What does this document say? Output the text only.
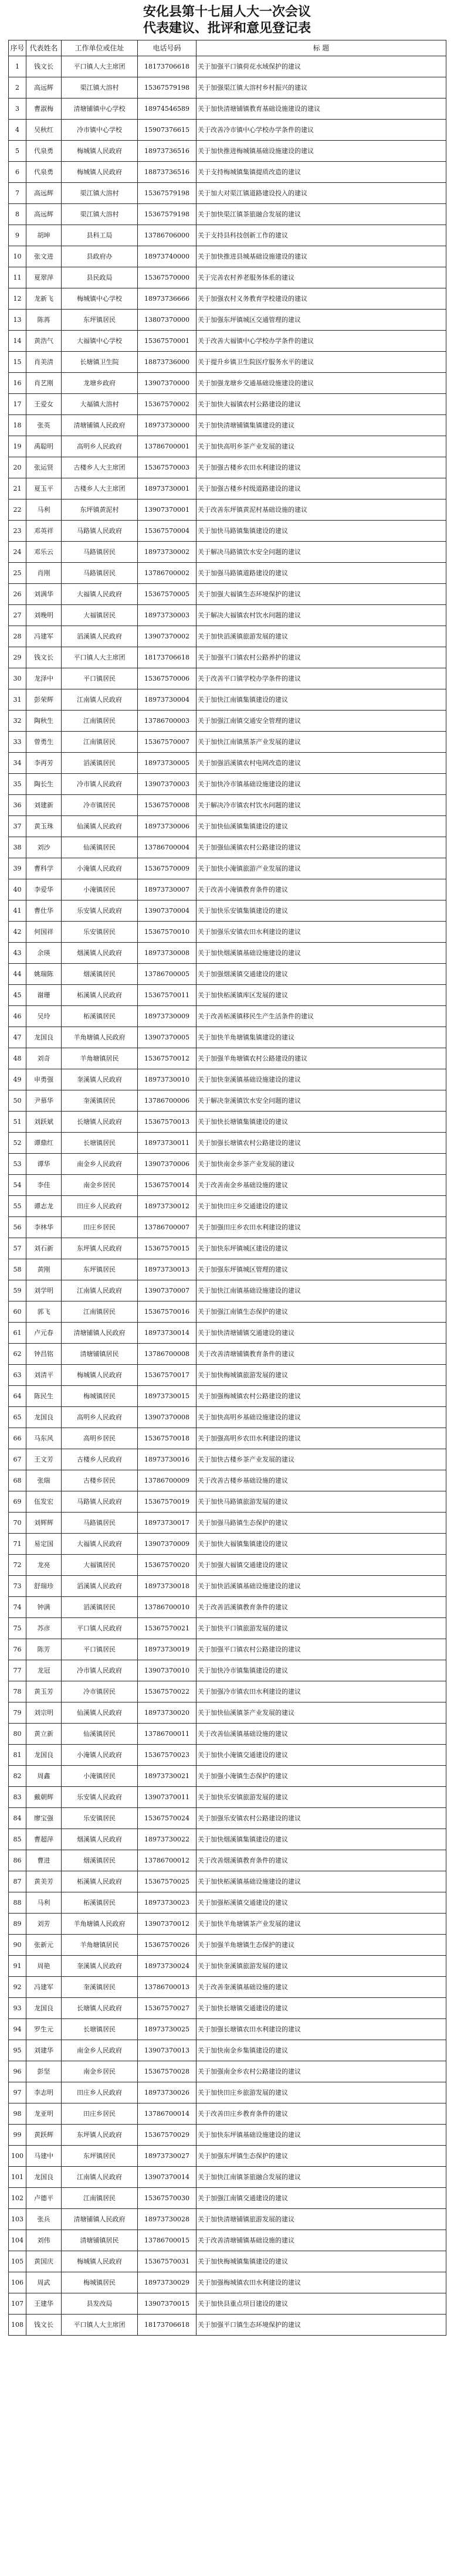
安化县第十七届人大一次会议
代表建议、批评和意见登记表
序号	代表姓名	工作单位或住址	电话号码	标 题
1	钱文长	平口镇人大主席团	18173706618	关于加强平口镇荷花水域保护的建议
2	高远辉	渠江镇大溶村	15367579198	关于加强渠江镇大溶村乡村振兴的建议
3	曹淑梅	清塘铺镇中心学校	18974546589	关于加快清塘铺镇教育基础设施建设的建议
4	吴秋红	冷市镇中心学校	15907376615	关于改善冷市镇中心学校办学条件的建议
5	代泉勇	梅城镇人民政府	18973736516	关于加快推进梅城镇基础设施建设的建议
6	代泉勇	梅城镇人民政府	18873736516	关于支持梅城镇集镇提质改造的建议
7	高远辉	渠江镇大溶村	15367579198	关于加大对渠江镇道路建设投入的建议
8	高远辉	渠江镇大溶村	15367579198	关于加快渠江镇茶旅融合发展的建议
9	胡坤	县科工局	13786706000	关于支持县科技创新工作的建议
10	张文进	县政府办	18973740000	关于加快推进县城基础设施建设的建议
11	夏翠萍	县民政局	15367570000	关于完善农村养老服务体系的建议
12	龙新飞	梅城镇中心学校	18973736666	关于加强农村义务教育学校建设的建议
13	陈苒	东坪镇居民	13807370000	关于加强东坪镇城区交通管理的建议
14	黄浩气	大福镇中心学校	15367570001	关于改善大福镇中心学校办学条件的建议
15	肖美清	长塘镇卫生院	18873736000	关于提升乡镇卫生院医疗服务水平的建议
16	肖艺刚	龙塘乡政府	13907370000	关于加强龙塘乡交通基础设施建设的建议
17	王爱女	大福镇大溶村	15367570002	关于加快大福镇农村公路建设的建议
18	张英	清塘铺镇人民政府	18973730000	关于加快清塘铺镇集镇建设的建议
19	禹聪明	高明乡人民政府	13786700001	关于加快高明乡茶产业发展的建议
20	张运贤	古楼乡人大主席团	15367570003	关于加强古楼乡农田水利建设的建议
21	夏玉平	古楼乡人大主席团	18973730001	关于加强古楼乡村级道路建设的建议
22	马利	东坪镇黄泥村	13907370001	关于改善东坪镇黄泥村基础设施的建议
23	邓英祥	马路镇人民政府	15367570004	关于加快马路镇集镇建设的建议
24	邓乐云	马路镇居民	18973730002	关于解决马路镇饮水安全问题的建议
25	肖刚	马路镇居民	13786700002	关于加强马路镇道路建设的建议
26	刘满华	大福镇人民政府	15367570005	关于加强大福镇生态环境保护的建议
27	刘晚明	大福镇居民	18973730003	关于解决大福镇农村饮水问题的建议
28	冯建军	滔溪镇人民政府	13907370002	关于加快滔溪镇旅游发展的建议
29	钱文长	平口镇人大主席团	18173706618	关于加强平口镇农村公路养护的建议
30	龙泽中	平口镇居民	15367570006	关于改善平口镇学校办学条件的建议
31	彭荣辉	江南镇人民政府	18973730004	关于加快江南镇集镇建设的建议
32	陶秋生	江南镇居民	13786700003	关于加强江南镇交通安全管理的建议
33	曾勇生	江南镇居民	15367570007	关于加快江南镇黑茶产业发展的建议
34	李再芳	滔溪镇居民	18973730005	关于加强滔溪镇农村电网改造的建议
35	陶长生	冷市镇人民政府	13907370003	关于加快冷市镇基础设施建设的建议
36	刘建新	冷市镇居民	15367570008	关于解决冷市镇农村饮水问题的建议
37	黄玉珠	仙溪镇人民政府	18973730006	关于加快仙溪镇集镇建设的建议
38	刘沙	仙溪镇居民	13786700004	关于加强仙溪镇农村公路建设的建议
39	曹科学	小淹镇人民政府	15367570009	关于加快小淹镇旅游产业发展的建议
40	李爱华	小淹镇居民	18973730007	关于改善小淹镇教育条件的建议
41	曹仕华	乐安镇人民政府	13907370004	关于加快乐安镇集镇建设的建议
42	何国祥	乐安镇居民	15367570010	关于加强乐安镇农田水利建设的建议
43	余瑛	烟溪镇人民政府	18973730008	关于加快烟溪镇基础设施建设的建议
44	姚瑞陈	烟溪镇居民	13786700005	关于加强烟溪镇交通建设的建议
45	谢珊	柘溪镇人民政府	15367570011	关于加快柘溪镇库区发展的建议
46	吴玲	柘溪镇居民	18973730009	关于改善柘溪镇移民生产生活条件的建议
47	龙国良	羊角塘镇人民政府	13907370005	关于加快羊角塘镇集镇建设的建议
48	刘奇	羊角塘镇居民	15367570012	关于加强羊角塘镇农村公路建设的建议
49	申勇强	奎溪镇人民政府	18973730010	关于加快奎溪镇基础设施建设的建议
50	尹慕华	奎溪镇居民	13786700006	关于解决奎溪镇饮水安全问题的建议
51	刘跃斌	长塘镇人民政府	15367570013	关于加快长塘镇集镇建设的建议
52	谭鼎红	长塘镇居民	18973730011	关于加强长塘镇农村公路建设的建议
53	谭华	南金乡人民政府	13907370006	关于加快南金乡茶产业发展的建议
54	李佳	南金乡居民	15367570014	关于改善南金乡基础设施的建议
55	谭志龙	田庄乡人民政府	18973730012	关于加快田庄乡交通建设的建议
56	李林华	田庄乡居民	13786700007	关于加强田庄乡农田水利建设的建议
57	刘石新	东坪镇人民政府	15367570015	关于加快东坪镇城区建设的建议
58	黄刚	东坪镇居民	18973730013	关于加强东坪镇城区管理的建议
59	刘学明	江南镇人民政府	13907370007	关于加快江南镇基础设施建设的建议
60	郭飞	江南镇居民	15367570016	关于加强江南镇生态保护的建议
61	卢元春	清塘铺镇人民政府	18973730014	关于加快清塘铺镇交通建设的建议
62	钟昌铭	清塘铺镇居民	13786700008	关于改善清塘铺镇教育条件的建议
63	刘清平	梅城镇人民政府	15367570017	关于加快梅城镇旅游发展的建议
64	陈民生	梅城镇居民	18973730015	关于加强梅城镇农村公路建设的建议
65	龙国良	高明乡人民政府	13907370008	关于加快高明乡基础设施建设的建议
66	马东风	高明乡居民	15367570018	关于加强高明乡农田水利建设的建议
67	王文芳	古楼乡人民政府	18973730016	关于加快古楼乡茶产业发展的建议
68	张瑞	古楼乡居民	13786700009	关于改善古楼乡基础设施的建议
69	伍发宏	马路镇人民政府	15367570019	关于加快马路镇旅游发展的建议
70	刘辉辉	马路镇居民	18973730017	关于加强马路镇生态保护的建议
71	易定国	大福镇人民政府	13907370009	关于加快大福镇集镇建设的建议
72	龙亮	大福镇居民	15367570020	关于加强大福镇交通建设的建议
73	舒瑞珍	滔溪镇人民政府	18973730018	关于加快滔溪镇基础设施建设的建议
74	钟满	滔溪镇居民	13786700010	关于改善滔溪镇教育条件的建议
75	苏彦	平口镇人民政府	15367570021	关于加快平口镇旅游发展的建议
76	陈芳	平口镇居民	18973730019	关于加强平口镇农村公路建设的建议
77	龙冠	冷市镇人民政府	13907370010	关于加快冷市镇集镇建设的建议
78	黄玉芳	冷市镇居民	15367570022	关于加强冷市镇农田水利建设的建议
79	刘宗明	仙溪镇人民政府	18973730020	关于加快仙溪镇茶产业发展的建议
80	黄立新	仙溪镇居民	13786700011	关于改善仙溪镇基础设施的建议
81	龙国良	小淹镇人民政府	15367570023	关于加快小淹镇交通建设的建议
82	周鑫	小淹镇居民	18973730021	关于加强小淹镇生态保护的建议
83	戴朝辉	乐安镇人民政府	13907370011	关于加快乐安镇旅游发展的建议
84	廖宝强	乐安镇居民	15367570024	关于加强乐安镇农村公路建设的建议
85	曹超萍	烟溪镇人民政府	18973730022	关于加快烟溪镇集镇建设的建议
86	曹进	烟溪镇居民	13786700012	关于改善烟溪镇教育条件的建议
87	黄美芳	柘溪镇人民政府	15367570025	关于加快柘溪镇基础设施建设的建议
88	马利	柘溪镇居民	18973730023	关于加强柘溪镇交通建设的建议
89	刘芳	羊角塘镇人民政府	13907370012	关于加快羊角塘镇茶产业发展的建议
90	张新元	羊角塘镇居民	15367570026	关于加强羊角塘镇生态保护的建议
91	周艳	奎溪镇人民政府	18973730024	关于加快奎溪镇旅游发展的建议
92	冯建军	奎溪镇居民	13786700013	关于改善奎溪镇基础设施的建议
93	龙国良	长塘镇人民政府	15367570027	关于加快长塘镇交通建设的建议
94	罗生元	长塘镇居民	18973730025	关于加强长塘镇农田水利建设的建议
95	刘建华	南金乡人民政府	13907370013	关于加快南金乡集镇建设的建议
96	彭坚	南金乡居民	15367570028	关于加强南金乡农村公路建设的建议
97	李志明	田庄乡人民政府	18973730026	关于加快田庄乡旅游发展的建议
98	龙亚明	田庄乡居民	13786700014	关于改善田庄乡教育条件的建议
99	黄跃辉	东坪镇人民政府	15367570029	关于加快东坪镇基础设施建设的建议
100	马建中	东坪镇居民	18973730027	关于加强东坪镇生态保护的建议
101	龙国良	江南镇人民政府	13907370014	关于加快江南镇茶旅融合发展的建议
102	卢德平	江南镇居民	15367570030	关于加强江南镇交通建设的建议
103	张兵	清塘铺镇人民政府	18973730028	关于加快清塘铺镇旅游发展的建议
104	刘伟	清塘铺镇居民	13786700015	关于改善清塘铺镇基础设施的建议
105	黄国庆	梅城镇人民政府	15367570031	关于加快梅城镇集镇建设的建议
106	周武	梅城镇居民	18973730029	关于加强梅城镇农田水利建设的建议
107	王建华	县发改局	13907370015	关于加快县重点项目建设的建议
108	钱文长	平口镇人大主席团	18173706618	关于加强平口镇生态环境保护的建议
